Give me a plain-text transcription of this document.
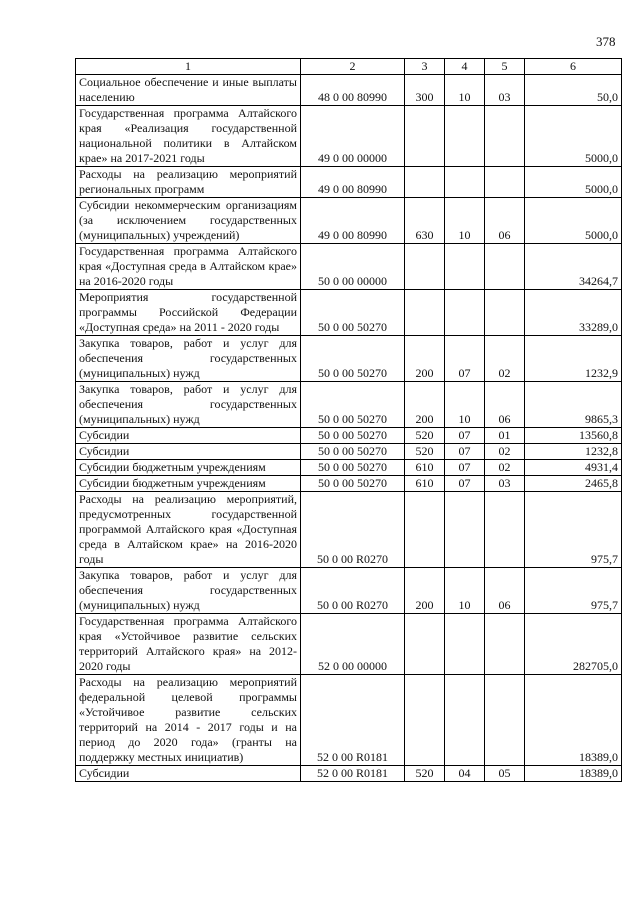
378
1	2	3	4	5	6
Социальное обеспечение и иные выплаты населению	48 0 00 80990	300	10	03	50,0
Государственная программа Алтайского края «Реализация государственной национальной политики в Алтайском крае» на 2017-2021 годы	49 0 00 00000				5000,0
Расходы на реализацию мероприятий региональных программ	49 0 00 80990				5000,0
Субсидии некоммерческим организациям (за исключением государственных (муниципальных) учреждений)	49 0 00 80990	630	10	06	5000,0
Государственная программа Алтайского края «Доступная среда в Алтайском крае» на 2016-2020 годы	50 0 00 00000				34264,7
Мероприятия государственной программы Российской Федерации «Доступная среда» на 2011 - 2020 годы	50 0 00 50270				33289,0
Закупка товаров, работ и услуг для обеспечения государственных (муниципальных) нужд	50 0 00 50270	200	07	02	1232,9
Закупка товаров, работ и услуг для обеспечения государственных (муниципальных) нужд	50 0 00 50270	200	10	06	9865,3
Субсидии	50 0 00 50270	520	07	01	13560,8
Субсидии	50 0 00 50270	520	07	02	1232,8
Субсидии бюджетным учреждениям	50 0 00 50270	610	07	02	4931,4
Субсидии бюджетным учреждениям	50 0 00 50270	610	07	03	2465,8
Расходы на реализацию мероприятий, предусмотренных государственной программой Алтайского края «Доступная среда в Алтайском крае» на 2016-2020 годы	50 0 00 R0270				975,7
Закупка товаров, работ и услуг для обеспечения государственных (муниципальных) нужд	50 0 00 R0270	200	10	06	975,7
Государственная программа Алтайского края «Устойчивое развитие сельских территорий Алтайского края» на 2012-2020 годы	52 0 00 00000				282705,0
Расходы на реализацию мероприятий федеральной целевой программы «Устойчивое развитие сельских территорий на 2014 - 2017 годы и на период до 2020 года» (гранты на поддержку местных инициатив)	52 0 00 R0181				18389,0
Субсидии	52 0 00 R0181	520	04	05	18389,0
